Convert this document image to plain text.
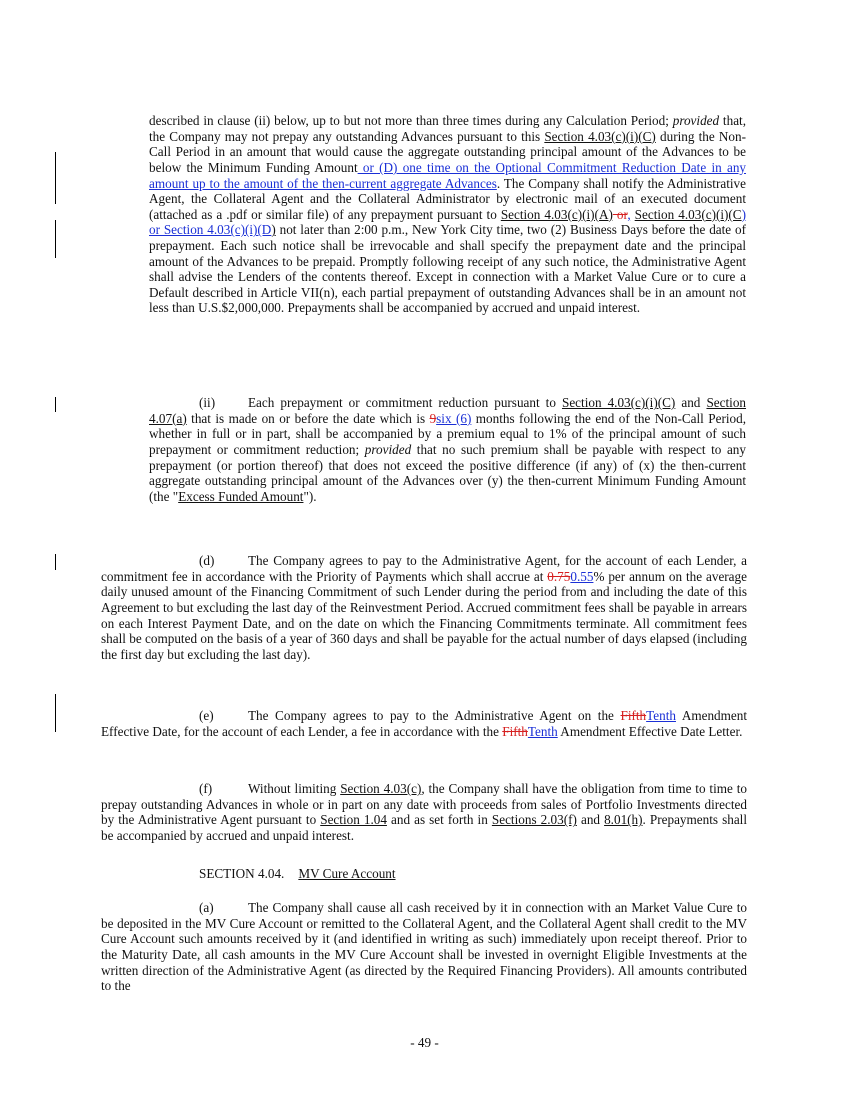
described in clause (ii) below, up to but not more than three times during any Calculation Period; provided that, the Company may not prepay any outstanding Advances pursuant to this Section 4.03(c)(i)(C) during the Non-Call Period in an amount that would cause the aggregate outstanding principal amount of the Advances to be below the Minimum Funding Amount or (D) one time on the Optional Commitment Reduction Date in any amount up to the amount of the then-current aggregate Advances. The Company shall notify the Administrative Agent, the Collateral Agent and the Collateral Administrator by electronic mail of an executed document (attached as a .pdf or similar file) of any prepayment pursuant to Section 4.03(c)(i)(A) or, Section 4.03(c)(i)(C) or Section 4.03(c)(i)(D) not later than 2:00 p.m., New York City time, two (2) Business Days before the date of prepayment. Each such notice shall be irrevocable and shall specify the prepayment date and the principal amount of the Advances to be prepaid. Promptly following receipt of any such notice, the Administrative Agent shall advise the Lenders of the contents thereof. Except in connection with a Market Value Cure or to cure a Default described in Article VII(n), each partial prepayment of outstanding Advances shall be in an amount not less than U.S.$2,000,000. Prepayments shall be accompanied by accrued and unpaid interest.

(ii) Each prepayment or commitment reduction pursuant to Section 4.03(c)(i)(C) and Section 4.07(a) that is made on or before the date which is 9six (6) months following the end of the Non-Call Period, whether in full or in part, shall be accompanied by a premium equal to 1% of the principal amount of such prepayment or commitment reduction; provided that no such premium shall be payable with respect to any prepayment (or portion thereof) that does not exceed the positive difference (if any) of (x) the then-current aggregate outstanding principal amount of the Advances over (y) the then-current Minimum Funding Amount (the "Excess Funded Amount").

(d)	The Company agrees to pay to the Administrative Agent, for the account of each Lender, a commitment fee in accordance with the Priority of Payments which shall accrue at 0.750.55% per annum on the average daily unused amount of the Financing Commitment of such Lender during the period from and including the date of this Agreement to but excluding the last day of the Reinvestment Period. Accrued commitment fees shall be payable in arrears on each Interest Payment Date, and on the date on which the Financing Commitments terminate. All commitment fees shall be computed on the basis of a year of 360 days and shall be payable for the actual number of days elapsed (including the first day but excluding the last day).

(e)	The Company agrees to pay to the Administrative Agent on the FifthTenth Amendment Effective Date, for the account of each Lender, a fee in accordance with the FifthTenth Amendment Effective Date Letter.

(f)	Without limiting Section 4.03(c), the Company shall have the obligation from time to time to prepay outstanding Advances in whole or in part on any date with proceeds from sales of Portfolio Investments directed by the Administrative Agent pursuant to Section 1.04 and as set forth in Sections 2.03(f) and 8.01(h). Prepayments shall be accompanied by accrued and unpaid interest.

SECTION 4.04. MV Cure Account

(a)	The Company shall cause all cash received by it in connection with an Market Value Cure to be deposited in the MV Cure Account or remitted to the Collateral Agent, and the Collateral Agent shall credit to the MV Cure Account such amounts received by it (and identified in writing as such) immediately upon receipt thereof. Prior to the Maturity Date, all cash amounts in the MV Cure Account shall be invested in overnight Eligible Investments at the written direction of the Administrative Agent (as directed by the Required Financing Providers). All amounts contributed to the

- 49 -
